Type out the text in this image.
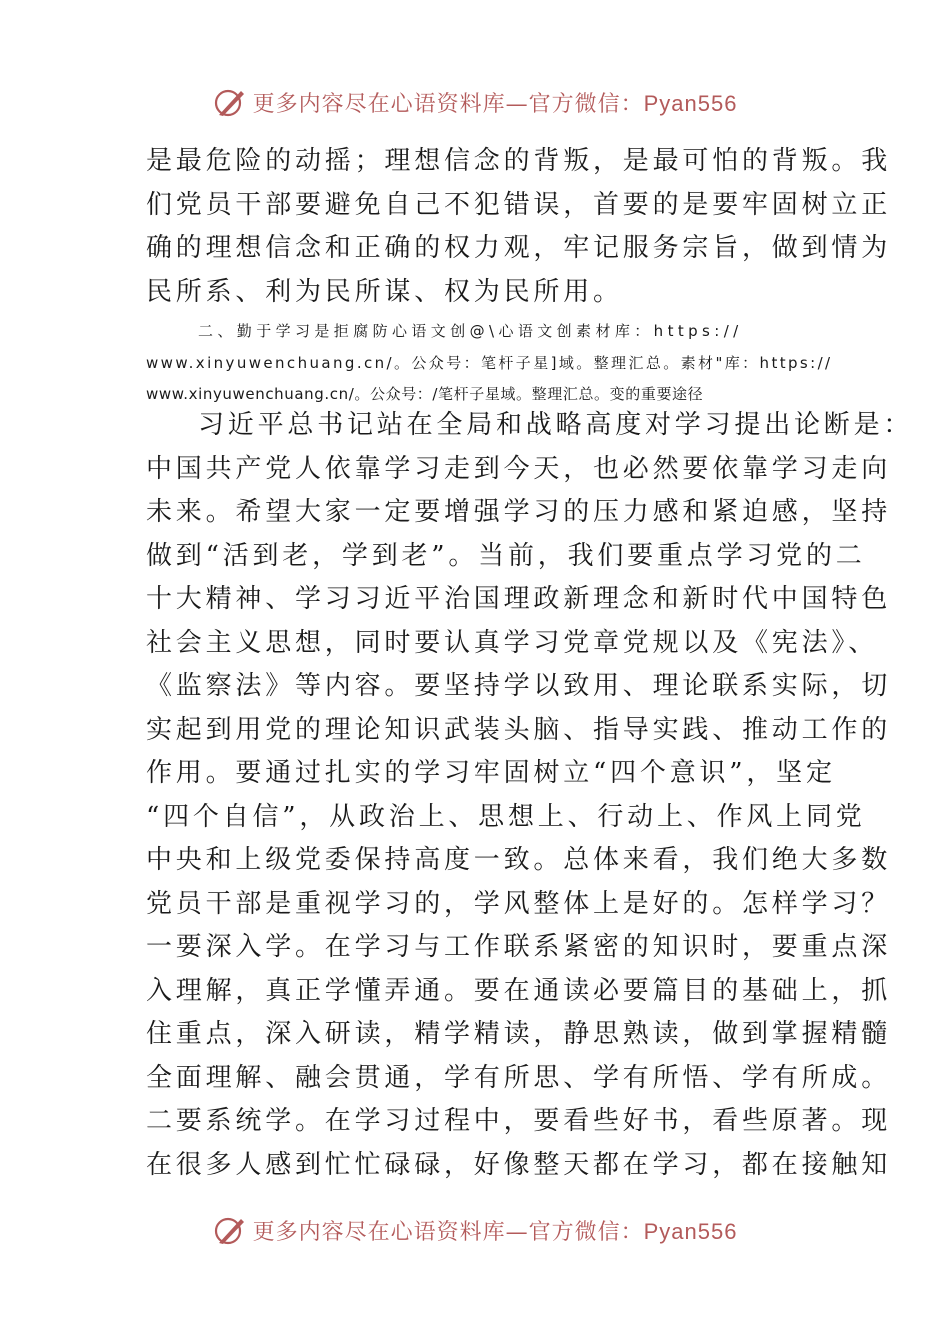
更多内容尽在心语资料库—官方微信：Pyan556
是最危险的动摇；理想信念的背叛，是最可怕的背叛。我
们党员干部要避免自己不犯错误，首要的是要牢固树立正
确的理想信念和正确的权力观，牢记服务宗旨，做到情为
民所系、利为民所谋、权为民所用。
二、勤于学习是拒腐防心语文创@\心语文创素材库：https://
www.xinyuwenchuang.cn/。公众号：笔杆子星]域。整理汇总。素材"库：https://
www.xinyuwenchuang.cn/。公众号：/笔杆子星域。整理汇总。变的重要途径
习近平总书记站在全局和战略高度对学习提出论断是：
中国共产党人依靠学习走到今天，也必然要依靠学习走向
未来。希望大家一定要增强学习的压力感和紧迫感，坚持
做到“活到老，学到老”。当前，我们要重点学习党的二
十大精神、学习习近平治国理政新理念和新时代中国特色
社会主义思想，同时要认真学习党章党规以及《宪法》、
《监察法》等内容。要坚持学以致用、理论联系实际，切
实起到用党的理论知识武装头脑、指导实践、推动工作的
作用。要通过扎实的学习牢固树立“四个意识”，坚定
“四个自信”，从政治上、思想上、行动上、作风上同党
中央和上级党委保持高度一致。总体来看，我们绝大多数
党员干部是重视学习的，学风整体上是好的。怎样学习？
一要深入学。在学习与工作联系紧密的知识时，要重点深
入理解，真正学懂弄通。要在通读必要篇目的基础上，抓
住重点，深入研读，精学精读，静思熟读，做到掌握精髓
全面理解、融会贯通，学有所思、学有所悟、学有所成。
二要系统学。在学习过程中，要看些好书，看些原著。现
在很多人感到忙忙碌碌，好像整天都在学习，都在接触知
更多内容尽在心语资料库—官方微信：Pyan556
